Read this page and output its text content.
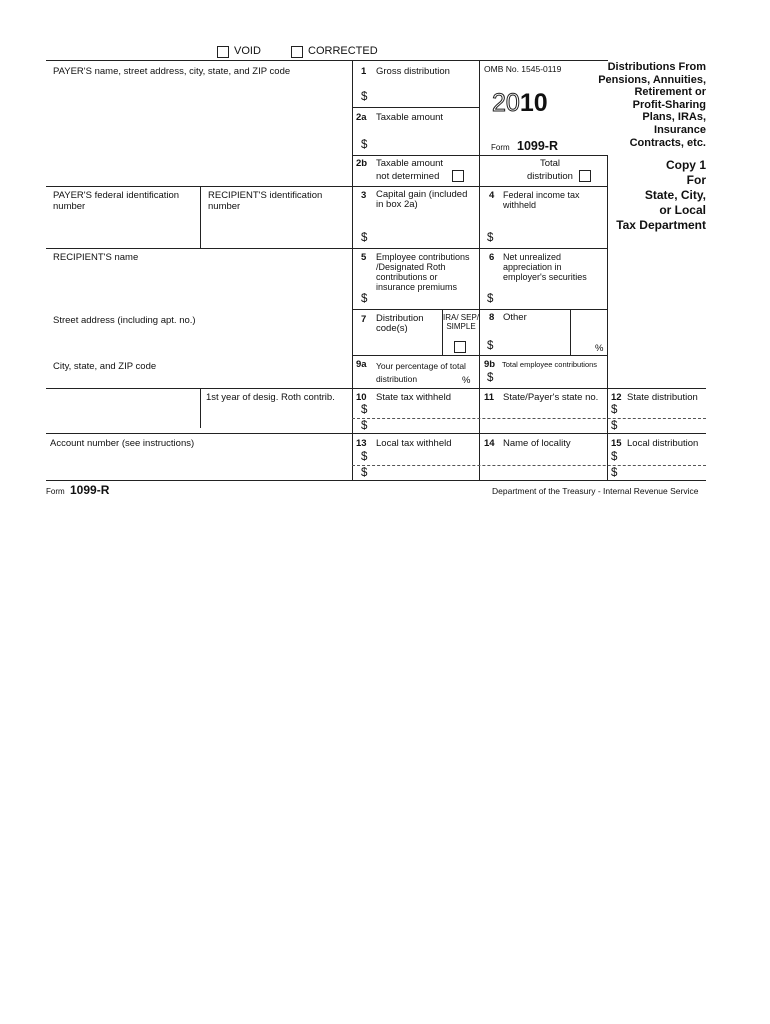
VOID	CORRECTED
PAYER'S name, street address, city, state, and ZIP code
PAYER'S federal identification number
RECIPIENT'S identification number
RECIPIENT'S name
Street address (including apt. no.)
City, state, and ZIP code
1st year of desig. Roth contrib.
Account number (see instructions)
1 Gross distribution
$
2a Taxable amount
$
OMB No. 1545-0119
2010
Form 1099-R
Distributions From
Pensions, Annuities,
Retirement or
Profit-Sharing
Plans, IRAs,
Insurance
Contracts, etc.
Copy 1
For
State, City,
or Local
Tax Department
2b Taxable amount not determined
Total distribution
3 Capital gain (included in box 2a)
$
4 Federal income tax withheld
$
5 Employee contributions /Designated Roth contributions or insurance premiums
$
6 Net unrealized appreciation in employer's securities
$
7 Distribution code(s)
IRA/ SEP/ SIMPLE
8 Other
$	%
9a Your percentage of total distribution	%
9b Total employee contributions
$
10 State tax withheld
$
$
11 State/Payer's state no. 12 State distribution
$
$
13 Local tax withheld
$
$
14 Name of locality	15 Local distribution
$
$
Form 1099-R	Department of the Treasury - Internal Revenue Service
